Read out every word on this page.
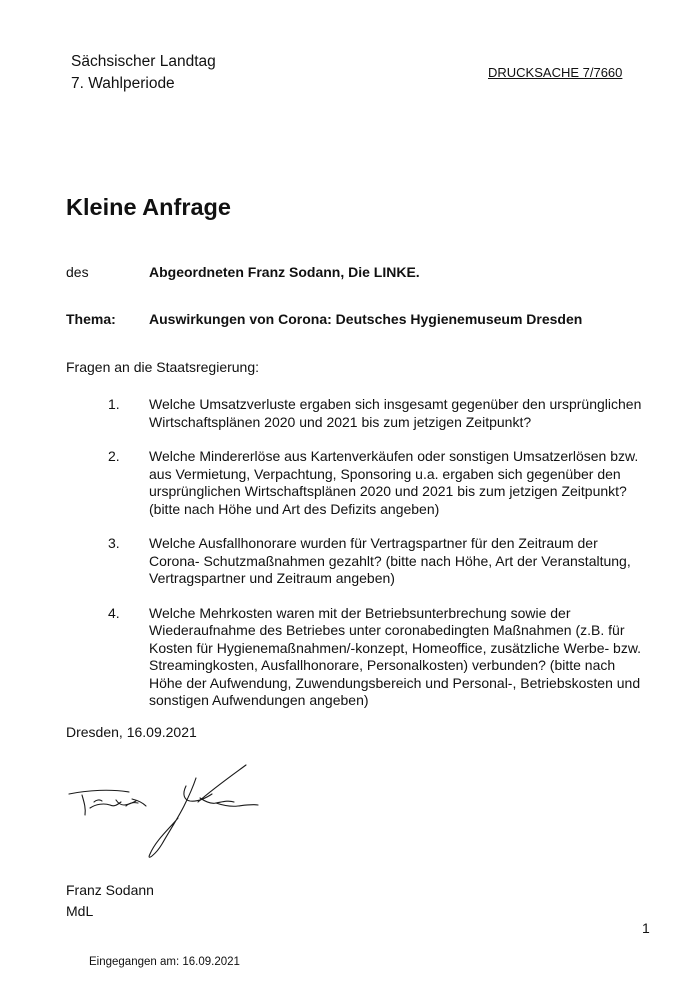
Sächsischer Landtag
7. Wahlperiode
DRUCKSACHE 7/7660
Kleine Anfrage
des	Abgeordneten Franz Sodann, Die LINKE.
Thema: Auswirkungen von Corona: Deutsches Hygienemuseum Dresden
Fragen an die Staatsregierung:
1. Welche Umsatzverluste ergaben sich insgesamt gegenüber den ursprünglichen
Wirtschaftsplänen 2020 und 2021 bis zum jetzigen Zeitpunkt?
2. Welche Mindererlöse aus Kartenverkäufen oder sonstigen Umsatzerlösen bzw.
aus Vermietung, Verpachtung, Sponsoring u.a. ergaben sich gegenüber den
ursprünglichen Wirtschaftsplänen 2020 und 2021 bis zum jetzigen Zeitpunkt?
(bitte nach Höhe und Art des Defizits angeben)
3. Welche Ausfallhonorare wurden für Vertragspartner für den Zeitraum der
Corona- Schutzmaßnahmen gezahlt? (bitte nach Höhe, Art der Veranstaltung,
Vertragspartner und Zeitraum angeben)
4. Welche Mehrkosten waren mit der Betriebsunterbrechung sowie der
Wiederaufnahme des Betriebes unter coronabedingten Maßnahmen (z.B. für
Kosten für Hygienemaßnahmen/-konzept, Homeoffice, zusätzliche Werbe- bzw.
Streamingkosten, Ausfallhonorare, Personalkosten) verbunden? (bitte nach
Höhe der Aufwendung, Zuwendungsbereich und Personal-, Betriebskosten und
sonstigen Aufwendungen angeben)
Dresden, 16.09.2021
Franz Sodann
MdL
1
Eingegangen am: 16.09.2021
